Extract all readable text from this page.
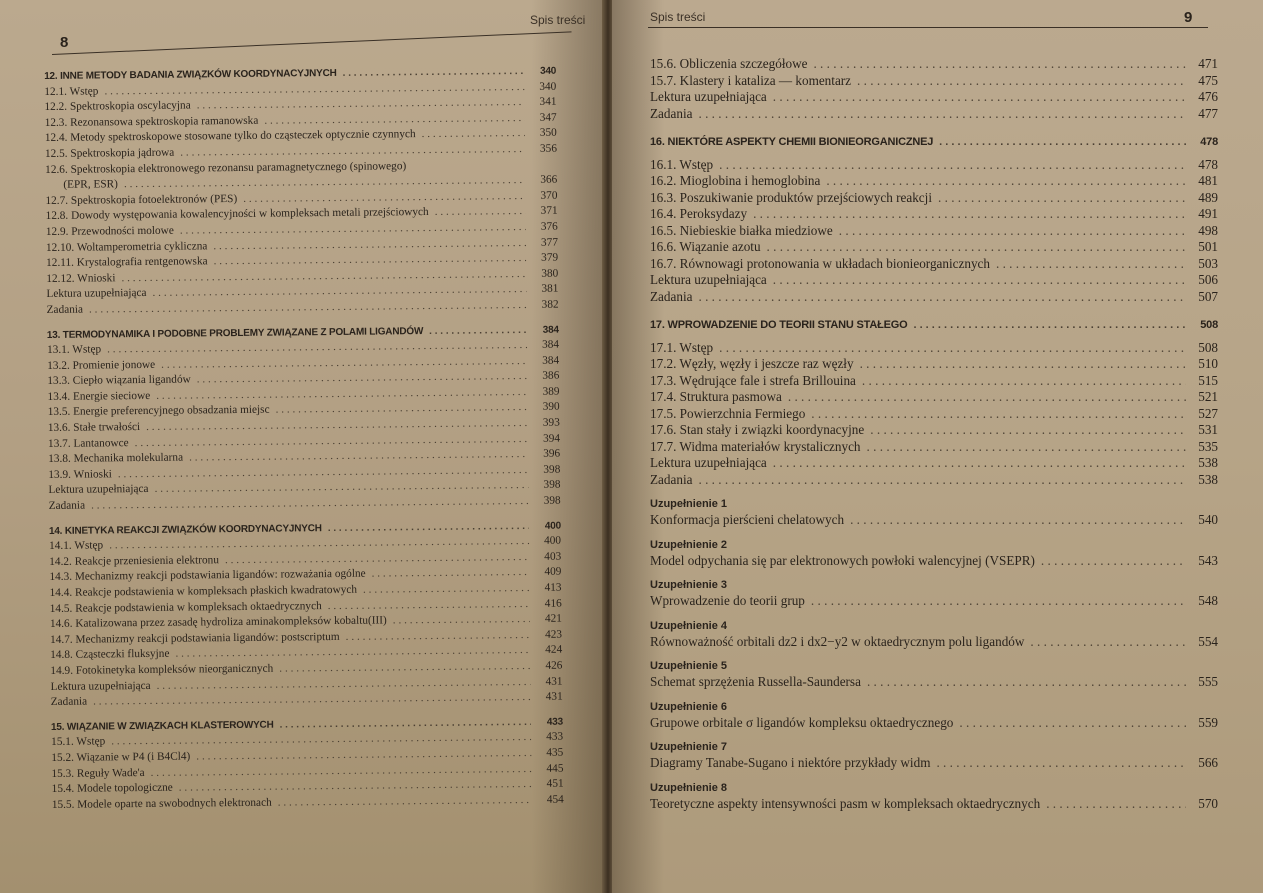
8
Spis treści
12. INNE METODY BADANIA ZWIĄZKÓW KOORDYNACYJNYCH . . .	340
12.1. Wstęp . . .	340
12.2. Spektroskopia oscylacyjna . . .	341
12.3. Rezonansowa spektroskopia ramanowska . . .	347
12.4. Metody spektroskopowe stosowane tylko do cząsteczek optycznie czynnych . . .	350
12.5. Spektroskopia jądrowa . . .	356
12.6. Spektroskopia elektronowego rezonansu paramagnetycznego (spinowego)
(EPR, ESR) . . .	366
12.7. Spektroskopia fotoelektronów (PES) . . .	370
12.8. Dowody występowania kowalencyjności w kompleksach metali przejściowych . . .	371
12.9. Przewodności molowe . . .	376
12.10. Woltamperometria cykliczna . . .	377
12.11. Krystalografia rentgenowska . . .	379
12.12. Wnioski . . .	380
Lektura uzupełniająca . . .	381
Zadania . . .	382
13. TERMODYNAMIKA I PODOBNE PROBLEMY ZWIĄZANE Z POLAMI LIGANDÓW . . .	384
13.1. Wstęp . . .	384
13.2. Promienie jonowe . . .	384
13.3. Ciepło wiązania ligandów . . .	386
13.4. Energie sieciowe . . .	389
13.5. Energie preferencyjnego obsadzania miejsc . . .	390
13.6. Stałe trwałości . . .	393
13.7. Lantanowce . . .	394
13.8. Mechanika molekularna . . .	396
13.9. Wnioski . . .	398
Lektura uzupełniająca . . .	398
Zadania . . .	398
14. KINETYKA REAKCJI ZWIĄZKÓW KOORDYNACYJNYCH . . .	400
14.1. Wstęp . . .	400
14.2. Reakcje przeniesienia elektronu . . .	403
14.3. Mechanizmy reakcji podstawiania ligandów: rozważania ogólne . . .	409
14.4. Reakcje podstawienia w kompleksach płaskich kwadratowych . . .	413
14.5. Reakcje podstawienia w kompleksach oktaedrycznych . . .	416
14.6. Katalizowana przez zasadę hydroliza aminakompleksów kobaltu(III) . . .	421
14.7. Mechanizmy reakcji podstawiania ligandów: postscriptum . . .	423
14.8. Cząsteczki fluksyjne . . .	424
14.9. Fotokinetyka kompleksów nieorganicznych . . .	426
Lektura uzupełniająca . . .	431
Zadania . . .	431
15. WIĄZANIE W ZWIĄZKACH KLASTEROWYCH . . .	433
15.1. Wstęp . . .	433
15.2. Wiązanie w P4 (i B4Cl4) . . .	435
15.3. Reguły Wade'a . . .	445
15.4. Modele topologiczne . . .	451
15.5. Modele oparte na swobodnych elektronach . . .	454
Spis treści	9
15.6. Obliczenia szczegółowe . . .	471
15.7. Klastery i kataliza — komentarz . . .	475
Lektura uzupełniająca . . .	476
Zadania . . .	477
16. NIEKTÓRE ASPEKTY CHEMII BIONIEORGANICZNEJ . . .	478
16.1. Wstęp . . .	478
16.2. Mioglobina i hemoglobina . . .	481
16.3. Poszukiwanie produktów przejściowych reakcji . . .	489
16.4. Peroksydazy . . .	491
16.5. Niebieskie białka miedziowe . . .	498
16.6. Wiązanie azotu . . .	501
16.7. Równowagi protonowania w układach bionieorganicznych . . .	503
Lektura uzupełniająca . . .	506
Zadania . . .	507
17. WPROWADZENIE DO TEORII STANU STAŁEGO . . .	508
17.1. Wstęp . . .	508
17.2. Węzły, węzły i jeszcze raz węzły . . .	510
17.3. Wędrujące fale i strefa Brillouina . . .	515
17.4. Struktura pasmowa . . .	521
17.5. Powierzchnia Fermiego . . .	527
17.6. Stan stały i związki koordynacyjne . . .	531
17.7. Widma materiałów krystalicznych . . .	535
Lektura uzupełniająca . . .	538
Zadania . . .	538
Uzupełnienie 1
Konformacja pierścieni chelatowych . . .	540
Uzupełnienie 2
Model odpychania się par elektronowych powłoki walencyjnej (VSEPR) . . .	543
Uzupełnienie 3
Wprowadzenie do teorii grup . . .	548
Uzupełnienie 4
Równoważność orbitali dz2 i dx2−y2 w oktaedrycznym polu ligandów . . .	554
Uzupełnienie 5
Schemat sprzężenia Russella-Saundersa . . .	555
Uzupełnienie 6
Grupowe orbitale σ ligandów kompleksu oktaedrycznego . . .	559
Uzupełnienie 7
Diagramy Tanabe-Sugano i niektóre przykłady widm . . .	566
Uzupełnienie 8
Teoretyczne aspekty intensywności pasm w kompleksach oktaedrycznych . . .	570
